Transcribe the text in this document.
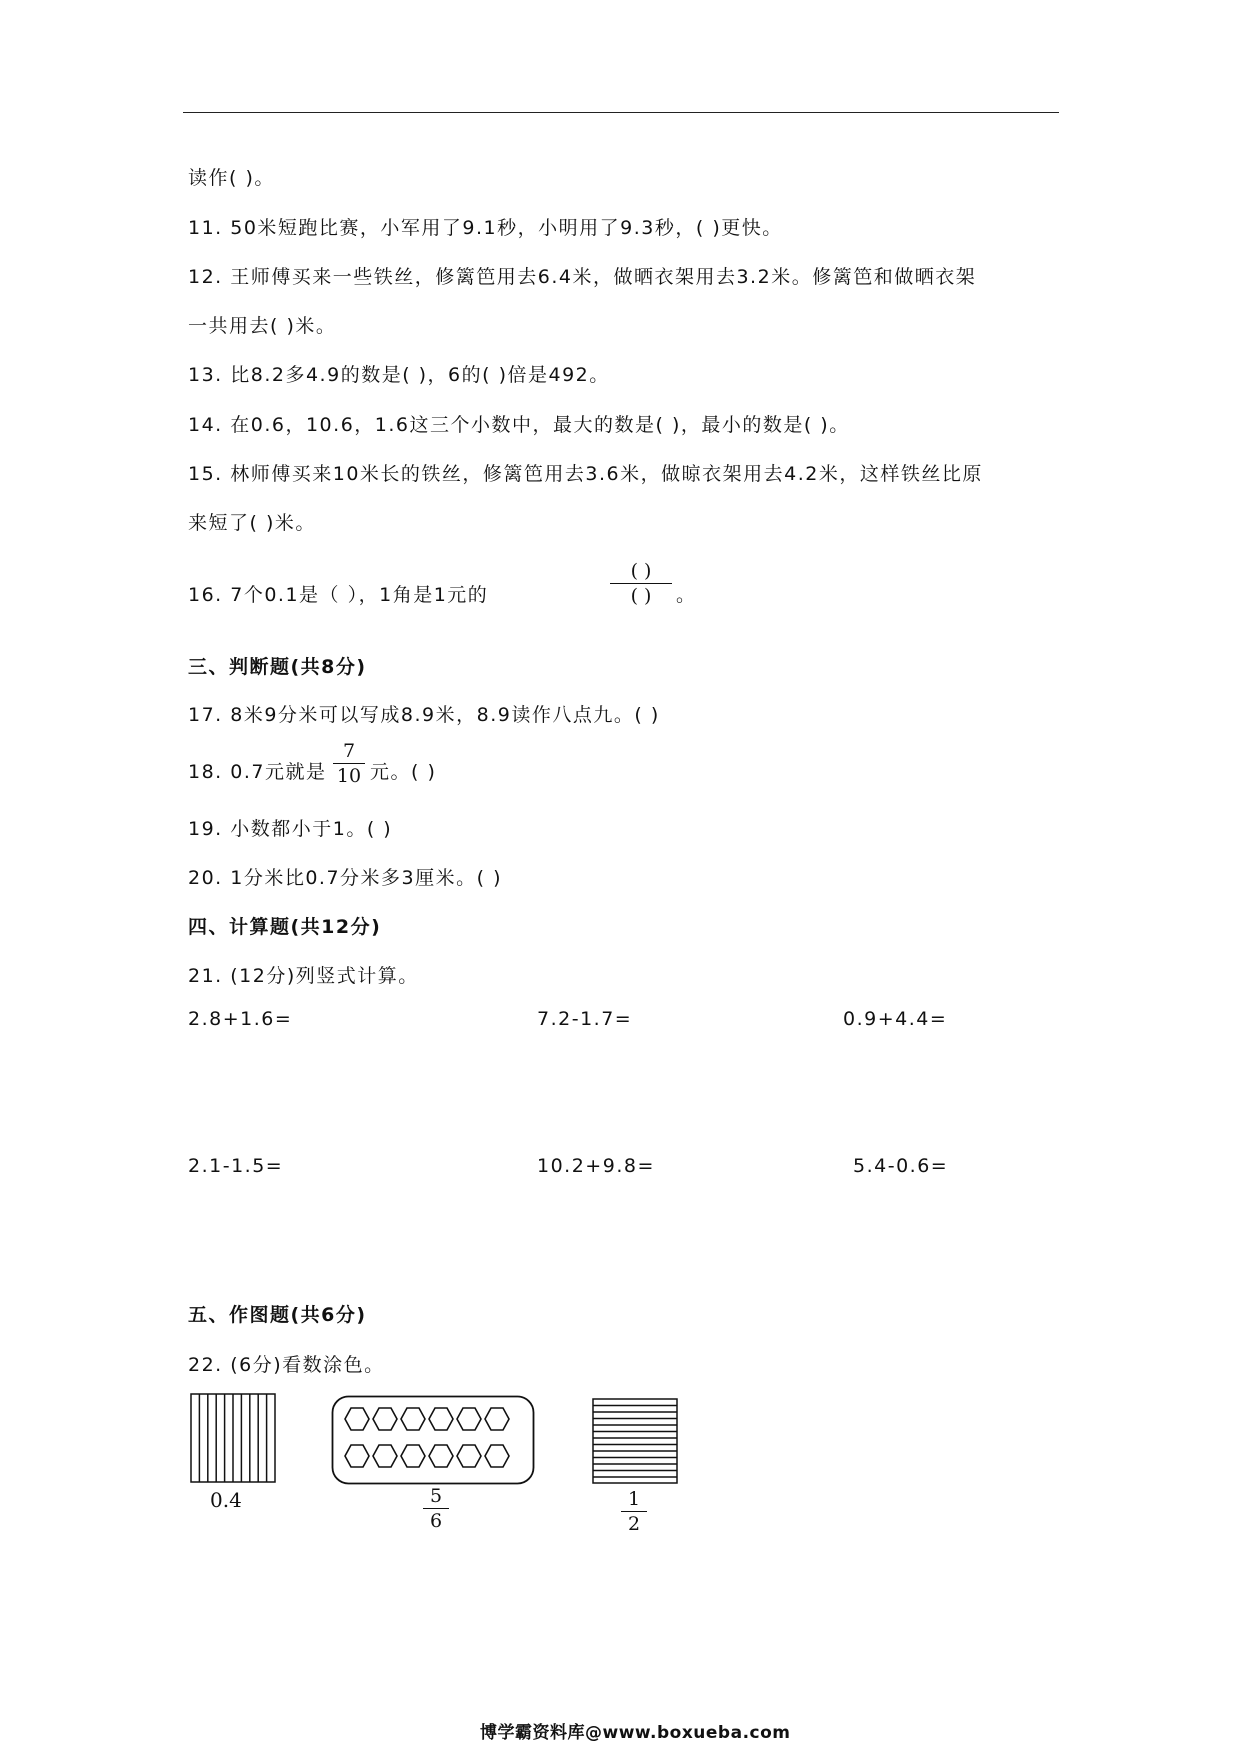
读作( )。
11. 50米短跑比赛，小军用了9.1秒，小明用了9.3秒，( )更快。
12. 王师傅买来一些铁丝，修篱笆用去6.4米，做晒衣架用去3.2米。修篱笆和做晒衣架
一共用去( )米。
13. 比8.2多4.9的数是( )，6的( )倍是492。
14. 在0.6，10.6，1.6这三个小数中，最大的数是( )，最小的数是( )。
15. 林师傅买来10米长的铁丝，修篱笆用去3.6米，做晾衣架用去4.2米，这样铁丝比原
来短了( )米。
16. 7个0.1是（ ），1角是1元的
( )
( )	。
三、判断题(共8分)
17. 8米9分米可以写成8.9米，8.9读作八点九。( )
18. 0.7元就是
7
10 元。( )
19. 小数都小于1。( )
20. 1分米比0.7分米多3厘米。( )
四、计算题(共12分)
21. (12分)列竖式计算。
2.8+1.6=	7.2-1.7=	0.9+4.4=
2.1-1.5=	10.2+9.8=	5.4-0.6=
五、作图题(共6分)
22. (6分)看数涂色。
0.4	5
6
1
2
博学霸资料库@www.boxueba.com
